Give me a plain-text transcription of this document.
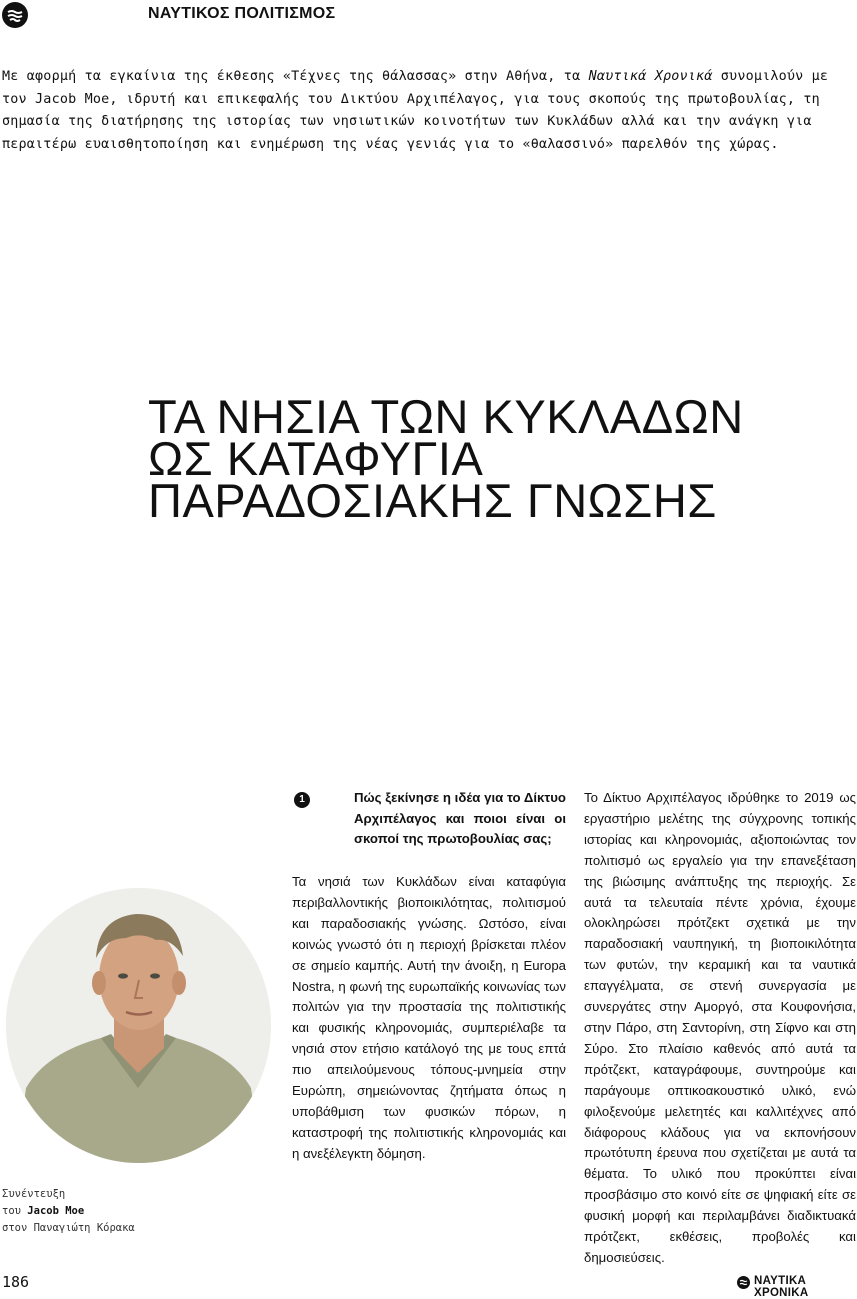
ΝΑΥΤΙΚΟΣ ΠΟΛΙΤΙΣΜΟΣ
Με αφορμή τα εγκαίνια της έκθεσης «Τέχνες της θάλασσας» στην Αθήνα, τα Ναυτικά Χρονικά συνομιλούν με τον Jacob Moe, ιδρυτή και επικεφαλής του Δικτύου Αρχιπέλαγος, για τους σκοπούς της πρωτοβουλίας, τη σημασία της διατήρησης της ιστορίας των νησιωτικών κοινοτήτων των Κυκλάδων αλλά και την ανάγκη για περαιτέρω ευαισθητοποίηση και ενημέρωση της νέας γενιάς για το «θαλασσινό» παρελθόν της χώρας.
ΤΑ ΝΗΣΙΑ ΤΩΝ ΚΥΚΛΑΔΩΝ
ΩΣ ΚΑΤΑΦΥΓΙΑ
ΠΑΡΑΔΟΣΙΑΚΗΣ ΓΝΩΣΗΣ
Συνέντευξη
του Jacob Moe
στον Παναγιώτη Κόρακα
1	Πώς ξεκίνησε η ιδέα για το Δίκτυο Αρχιπέλαγος και ποιοι είναι οι σκοποί της πρωτοβουλίας σας;

Τα νησιά των Κυκλάδων είναι καταφύγια περιβαλλοντικής βιοποικιλότητας, πολιτισμού και παραδοσιακής γνώσης. Ωστόσο, είναι κοινώς γνωστό ότι η περιοχή βρίσκεται πλέον σε σημείο καμπής. Αυτή την άνοιξη, η Europa Nostra, η φωνή της ευρωπαϊκής κοινωνίας των πολιτών για την προστασία της πολιτιστικής και φυσικής κληρονομιάς, συμπεριέλαβε τα νησιά στον ετήσιο κατάλογό της με τους επτά πιο απειλούμενους τόπους-μνημεία στην Ευρώπη, σημειώνοντας ζητήματα όπως η υποβάθμιση των φυσικών πόρων, η καταστροφή της πολιτιστικής κληρονομιάς και η ανεξέλεγκτη δόμηση.

Το Δίκτυο Αρχιπέλαγος ιδρύθηκε το 2019 ως εργαστήριο μελέτης της σύγχρονης τοπικής ιστορίας και κληρονομιάς, αξιοποιώντας τον πολιτισμό ως εργαλείο για την επανεξέταση της βιώσιμης ανάπτυξης της περιοχής. Σε αυτά τα τελευταία πέντε χρόνια, έχουμε ολοκληρώσει πρότζεκτ σχετικά με την παραδοσιακή ναυπηγική, τη βιοποικιλότητα των φυτών, την κεραμική και τα ναυτικά επαγγέλματα, σε στενή συνεργασία με συνεργάτες στην Αμοργό, στα Κουφονήσια, στην Πάρο, στη Σαντορίνη, στη Σίφνο και στη Σύρο. Στο πλαίσιο καθενός από αυτά τα πρότζεκτ, καταγράφουμε, συντηρούμε και παράγουμε οπτικοακουστικό υλικό, ενώ φιλοξενούμε μελετητές και καλλιτέχνες από διάφορους κλάδους για να εκπονήσουν πρωτότυπη έρευνα που σχετίζεται με αυτά τα θέματα. Το υλικό που προκύπτει είναι προσβάσιμο στο κοινό είτε σε ψηφιακή είτε σε φυσική μορφή και περιλαμβάνει διαδικτυακά πρότζεκτ, εκθέσεις, προβολές και δημοσιεύσεις.

186	ΝΑΥΤΙΚΑ ΧΡΟΝΙΚΑ
